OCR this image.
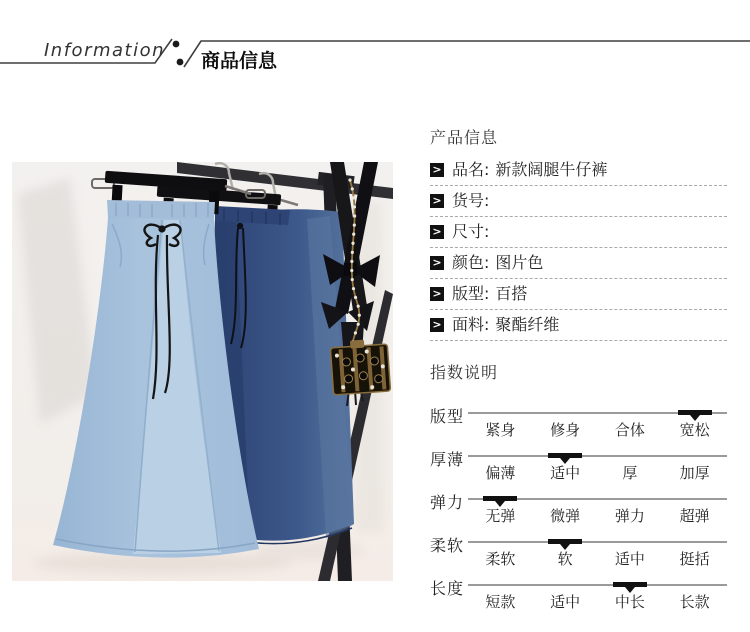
Information 商品信息
产品信息
> 品名: 新款阔腿牛仔裤
> 货号:
> 尺寸:
> 颜色: 图片色
> 版型: 百搭
> 面料: 聚酯纤维
指数说明
版型
紧身	修身	合体	宽松
厚薄
偏薄	适中	厚	加厚
弹力
无弹	微弹	弹力	超弹
柔软
柔软	软	适中	挺括
长度
短款	适中	中长	长款
